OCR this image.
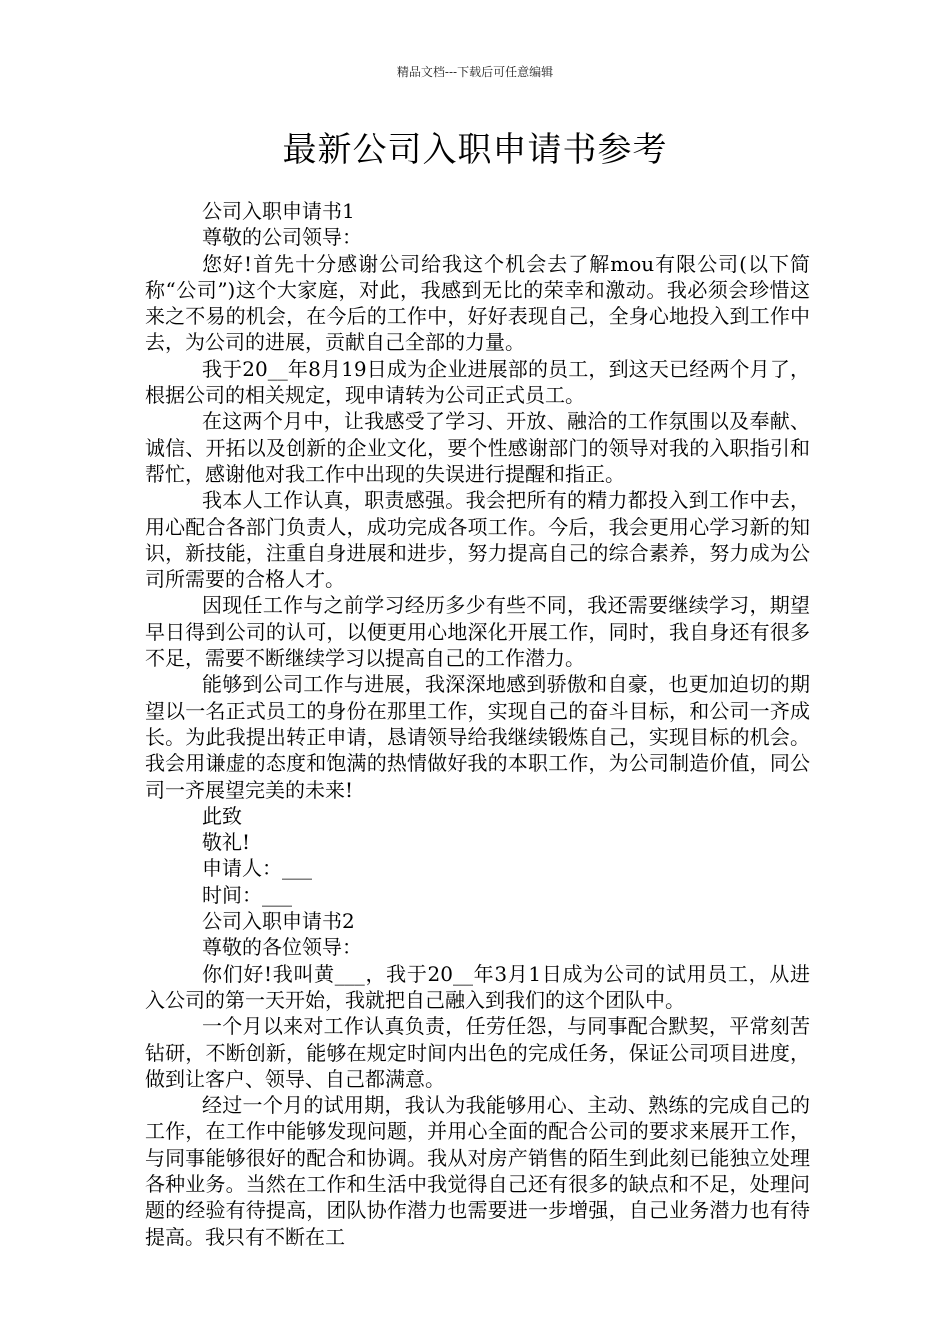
精品文档---下载后可任意编辑
最新公司入职申请书参考

公司入职申请书1

尊敬的公司领导：

您好!首先十分感谢公司给我这个机会去了解mou有限公司(以下简称“公司”)这个大家庭，对此，我感到无比的荣幸和激动。我必须会珍惜这来之不易的机会，在今后的工作中，好好表现自己，全身心地投入到工作中去，为公司的进展，贡献自己全部的力量。

我于20__年8月19日成为企业进展部的员工，到这天已经两个月了，根据公司的相关规定，现申请转为公司正式员工。

在这两个月中，让我感受了学习、开放、融洽的工作氛围以及奉献、诚信、开拓以及创新的企业文化，要个性感谢部门的领导对我的入职指引和帮忙，感谢他对我工作中出现的失误进行提醒和指正。

我本人工作认真，职责感强。我会把所有的精力都投入到工作中去，用心配合各部门负责人，成功完成各项工作。今后，我会更用心学习新的知识，新技能，注重自身进展和进步，努力提高自己的综合素养，努力成为公司所需要的合格人才。

因现任工作与之前学习经历多少有些不同，我还需要继续学习，期望早日得到公司的认可，以便更用心地深化开展工作，同时，我自身还有很多不足，需要不断继续学习以提高自己的工作潜力。

能够到公司工作与进展，我深深地感到骄傲和自豪，也更加迫切的期望以一名正式员工的身份在那里工作，实现自己的奋斗目标，和公司一齐成长。为此我提出转正申请，恳请领导给我继续锻炼自己，实现目标的机会。我会用谦虚的态度和饱满的热情做好我的本职工作，为公司制造价值，同公司一齐展望完美的未来!

此致

敬礼!

申请人：___

时间：___

公司入职申请书2

尊敬的各位领导：

你们好!我叫黄___，我于20__年3月1日成为公司的试用员工，从进入公司的第一天开始，我就把自己融入到我们的这个团队中。

一个月以来对工作认真负责，任劳任怨，与同事配合默契，平常刻苦钻研，不断创新，能够在规定时间内出色的完成任务，保证公司项目进度，做到让客户、领导、自己都满意。

经过一个月的试用期，我认为我能够用心、主动、熟练的完成自己的工作，在工作中能够发现问题，并用心全面的配合公司的要求来展开工作，与同事能够很好的配合和协调。我从对房产销售的陌生到此刻已能独立处理各种业务。当然在工作和生活中我觉得自己还有很多的缺点和不足，处理问题的经验有待提高，团队协作潜力也需要进一步增强，自己业务潜力也有待提高。我只有不断在工
